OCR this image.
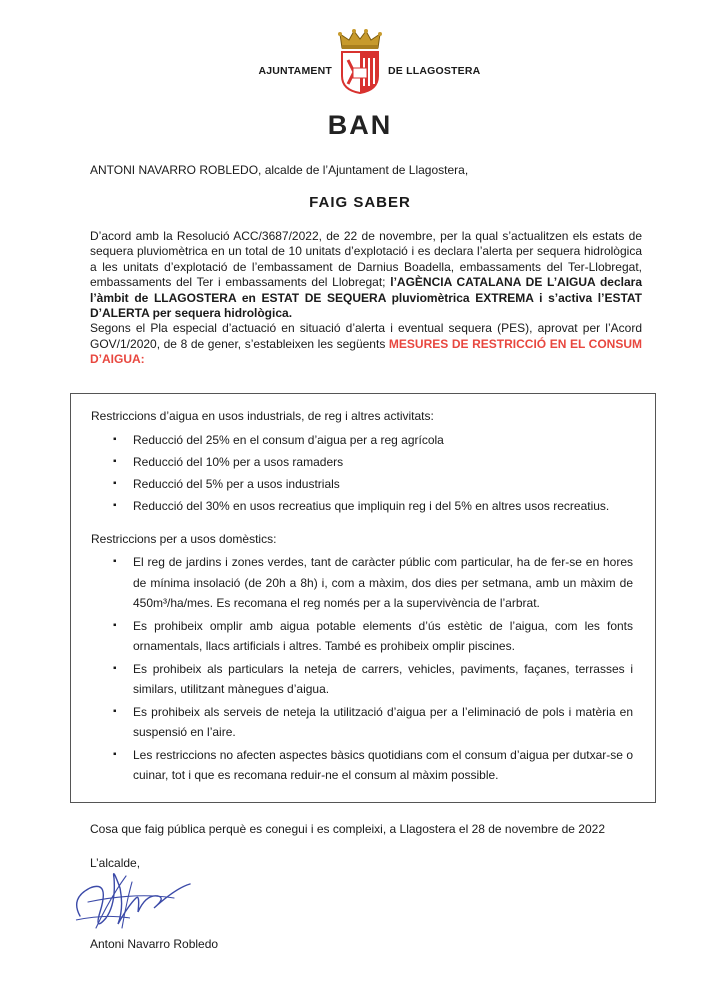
AJUNTAMENT	DE LLAGOSTERA
BAN
ANTONI NAVARRO ROBLEDO, alcalde de l’Ajuntament de Llagostera,
FAIG SABER
D’acord amb la Resolució ACC/3687/2022, de 22 de novembre, per la qual s’actualitzen els estats de sequera pluviomètrica en un total de 10 unitats d’explotació i es declara l’alerta per sequera hidrològica a les unitats d’explotació de l’embassament de Darnius Boadella, embassaments del Ter-Llobregat, embassaments del Ter i embassaments del Llobregat; l’AGÈNCIA CATALANA DE L’AIGUA declara l’àmbit de LLAGOSTERA en ESTAT DE SEQUERA pluviomètrica EXTREMA i s’activa l’ESTAT D’ALERTA per sequera hidrològica.
Segons el Pla especial d’actuació en situació d’alerta i eventual sequera (PES), aprovat per l’Acord GOV/1/2020, de 8 de gener, s’estableixen les següents MESURES DE RESTRICCIÓ EN EL CONSUM D’AIGUA:
Restriccions d’aigua en usos industrials, de reg i altres activitats:
▪ Reducció del 25% en el consum d’aigua per a reg agrícola
▪ Reducció del 10% per a usos ramaders
▪ Reducció del 5% per a usos industrials
▪ Reducció del 30% en usos recreatius que impliquin reg i del 5% en altres usos recreatius.
Restriccions per a usos domèstics:
▪ El reg de jardins i zones verdes, tant de caràcter públic com particular, ha de fer-se en hores de mínima insolació (de 20h a 8h) i, com a màxim, dos dies per setmana, amb un màxim de 450m³/ha/mes. Es recomana el reg només per a la supervivència de l’arbrat.
▪ Es prohibeix omplir amb aigua potable elements d’ús estètic de l’aigua, com les fonts ornamentals, llacs artificials i altres. També es prohibeix omplir piscines.
▪ Es prohibeix als particulars la neteja de carrers, vehicles, paviments, façanes, terrasses i similars, utilitzant mànegues d’aigua.
▪ Es prohibeix als serveis de neteja la utilització d’aigua per a l’eliminació de pols i matèria en suspensió en l’aire.
▪ Les restriccions no afecten aspectes bàsics quotidians com el consum d’aigua per dutxar-se o cuinar, tot i que es recomana reduir-ne el consum al màxim possible.
Cosa que faig pública perquè es conegui i es compleixi, a Llagostera el 28 de novembre de 2022
L’alcalde,
Antoni Navarro Robledo
